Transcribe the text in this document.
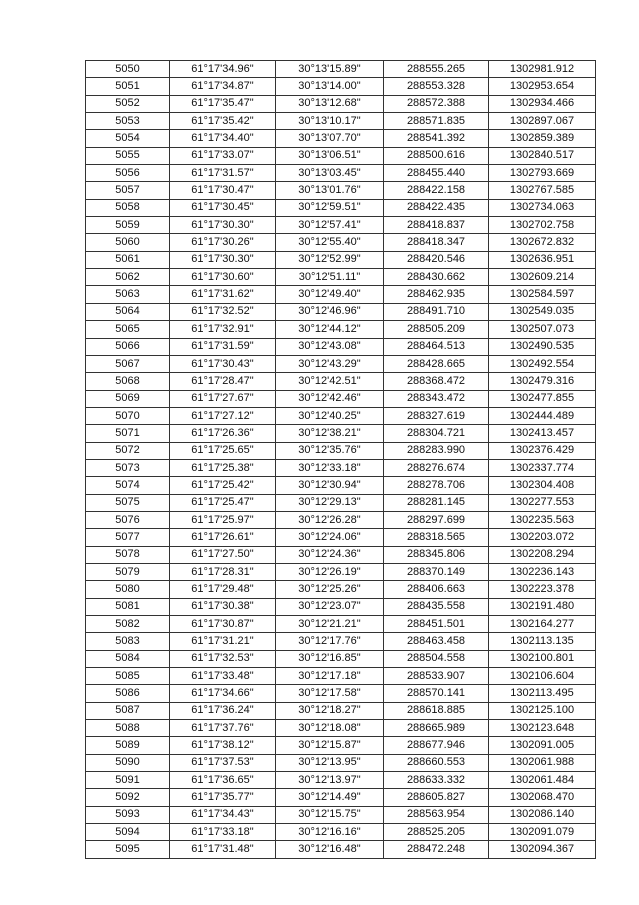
5050	61°17'34.96"	30°13'15.89"	288555.265	1302981.912
5051	61°17'34.87"	30°13'14.00"	288553.328	1302953.654
5052	61°17'35.47"	30°13'12.68"	288572.388	1302934.466
5053	61°17'35.42"	30°13'10.17"	288571.835	1302897.067
5054	61°17'34.40"	30°13'07.70"	288541.392	1302859.389
5055	61°17'33.07"	30°13'06.51"	288500.616	1302840.517
5056	61°17'31.57"	30°13'03.45"	288455.440	1302793.669
5057	61°17'30.47"	30°13'01.76"	288422.158	1302767.585
5058	61°17'30.45"	30°12'59.51"	288422.435	1302734.063
5059	61°17'30.30"	30°12'57.41"	288418.837	1302702.758
5060	61°17'30.26"	30°12'55.40"	288418.347	1302672.832
5061	61°17'30.30"	30°12'52.99"	288420.546	1302636.951
5062	61°17'30.60"	30°12'51.11"	288430.662	1302609.214
5063	61°17'31.62"	30°12'49.40"	288462.935	1302584.597
5064	61°17'32.52"	30°12'46.96"	288491.710	1302549.035
5065	61°17'32.91"	30°12'44.12"	288505.209	1302507.073
5066	61°17'31.59"	30°12'43.08"	288464.513	1302490.535
5067	61°17'30.43"	30°12'43.29"	288428.665	1302492.554
5068	61°17'28.47"	30°12'42.51"	288368.472	1302479.316
5069	61°17'27.67"	30°12'42.46"	288343.472	1302477.855
5070	61°17'27.12"	30°12'40.25"	288327.619	1302444.489
5071	61°17'26.36"	30°12'38.21"	288304.721	1302413.457
5072	61°17'25.65"	30°12'35.76"	288283.990	1302376.429
5073	61°17'25.38"	30°12'33.18"	288276.674	1302337.774
5074	61°17'25.42"	30°12'30.94"	288278.706	1302304.408
5075	61°17'25.47"	30°12'29.13"	288281.145	1302277.553
5076	61°17'25.97"	30°12'26.28"	288297.699	1302235.563
5077	61°17'26.61"	30°12'24.06"	288318.565	1302203.072
5078	61°17'27.50"	30°12'24.36"	288345.806	1302208.294
5079	61°17'28.31"	30°12'26.19"	288370.149	1302236.143
5080	61°17'29.48"	30°12'25.26"	288406.663	1302223.378
5081	61°17'30.38"	30°12'23.07"	288435.558	1302191.480
5082	61°17'30.87"	30°12'21.21"	288451.501	1302164.277
5083	61°17'31.21"	30°12'17.76"	288463.458	1302113.135
5084	61°17'32.53"	30°12'16.85"	288504.558	1302100.801
5085	61°17'33.48"	30°12'17.18"	288533.907	1302106.604
5086	61°17'34.66"	30°12'17.58"	288570.141	1302113.495
5087	61°17'36.24"	30°12'18.27"	288618.885	1302125.100
5088	61°17'37.76"	30°12'18.08"	288665.989	1302123.648
5089	61°17'38.12"	30°12'15.87"	288677.946	1302091.005
5090	61°17'37.53"	30°12'13.95"	288660.553	1302061.988
5091	61°17'36.65"	30°12'13.97"	288633.332	1302061.484
5092	61°17'35.77"	30°12'14.49"	288605.827	1302068.470
5093	61°17'34.43"	30°12'15.75"	288563.954	1302086.140
5094	61°17'33.18"	30°12'16.16"	288525.205	1302091.079
5095	61°17'31.48"	30°12'16.48"	288472.248	1302094.367
